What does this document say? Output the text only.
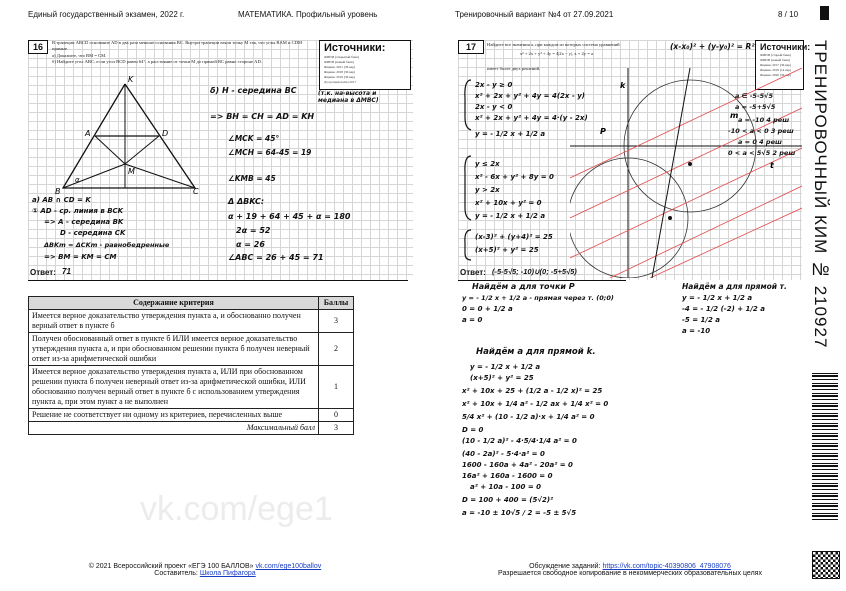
Единый государственный экзамен, 2022 г.	МАТЕМАТИКА. Профильный уровень	Тренировочный вариант №4 от 27.09.2021	8 / 10
16	В трапеции ABCD основание AD в два раза меньше основания BC. Внутри трапеции взяли точку M так, что углы BAM и CDM прямые.
а) Докажите, что BM = CM.
б) Найдите угол ABC, если угол BCD равен 64°, а расстояние от точки M до прямой BC равно стороне AD.
Источники:
ФИПИ (открытый банк)
ФИПИ (новый банк)
Ященко 2021 (36 вар)
Ященко 2018 (36 вар)
Ященко 2019 (36 вар)
Досрочная волна 2017
K
A	D
B	C
M
α
а) AB ∩ CD = K
① AD - ср. линия в BCK
=> A - середина BK
D - середина CK
ΔBKm = ΔCKm - равнобедренные
=> BM = KM = CM
δ) H - середина BC
=> BH = CH = AD = KH
∠MCK = 45°
∠MCH = 64-45 = 19
∠KMB = 45
Δ ΔBKC:
α + 19 + 64 + 45 + α = 180
2α = 52
α = 26
∠ABC = 26 + 45 = 71
(т.к. на-высота и медиана в ΔMBC)
Ответ: 71
Содержание критерия	Баллы
Имеется верное доказательство утверждения пункта а, и обоснованно получен верный ответ в пункте б	3
Получен обоснованный ответ в пункте б ИЛИ имеется верное доказательство утверждения пункта а, и при обоснованном решении пункта б получен неверный ответ из-за арифметической ошибки	2
Имеется верное доказательство утверждения пункта а, ИЛИ при обоснованном решении пункта б получен неверный ответ из-за арифметической ошибки, ИЛИ обоснованно получен верный ответ в пункте б с использованием утверждения пункта а, при этом пункт а не выполнен	1
Решение не соответствует ни одному из критериев, перечисленных выше	0
Максимальный балл	3
vk.com/ege1
17	Найдите все значения a, при каждом из которых система уравнений
x² + 2x + y² + 4y = 4|2x − y|, x + 2y = a
имеет более двух решений.
(x-x₀)² + (y-y₀)² = R² Источники:
ФИПИ (старый банк)
ФИПИ (новый банк)
Ященко 2017 (36 вар)
Ященко 2019 (14 вар)
Ященко 2020 (36 вар)
2x - y ≥ 0
x² + 2x + y² + 4y = 4(2x - y)
2x - y < 0
x² + 2x + y² + 4y = 4·(y - 2x)
y = - 1/2 x + 1/2 a
y ≤ 2x
x² - 6x + y² + 8y = 0
y > 2x
x² + 10x + y² = 0
y = - 1/2 x + 1/2 a
(x-3)² + (y+4)² = 25
(x+5)² + y² = 25
k
P
m
t
a ∈ -5-5√5
a = -5+5√5
a = -10 4 реш
-10 < a < 0 3 реш
a = 0 4 реш
0 < a < 5√5 2 реш
Ответ: (-5-5√5; -10)∪(0; -5+5√5)
Найдём a для точки P
y = - 1/2 x + 1/2 a - прямая через т. (0;0)
0 = 0 + 1/2 a
a = 0
Найдём a для прямой т.
y = - 1/2 x + 1/2 a
-4 = - 1/2 (-2) + 1/2 a
-5 = 1/2 a
a = -10
Найдём a для прямой k.
y = - 1/2 x + 1/2 a
(x+5)² + y² = 25
x² + 10x + 25 + (1/2 a - 1/2 x)² = 25
x² + 10x + 1/4 a² - 1/2 ax + 1/4 x² = 0
5/4 x² + (10 - 1/2 a)·x + 1/4 a² = 0
D = 0
(10 - 1/2 a)² - 4·5/4·1/4 a² = 0
(40 - 2a)² - 5·4·a² = 0
1600 - 160a + 4a² - 20a² = 0
16a² + 160a - 1600 = 0
a² + 10a - 100 = 0
D = 100 + 400 = (5√2)²
a = -10 ± 10√5 / 2 = -5 ± 5√5
ТРЕНИРОВОЧНЫЙ КИМ № 210927
© 2021 Всероссийский проект «ЕГЭ 100 БАЛЛОВ» vk.com/ege100ballov
Составитель: Школа Пифагора
Обсуждение заданий: https://vk.com/topic-40390806_47908076
Разрешается свободное копирование в некоммерческих образовательных целях
